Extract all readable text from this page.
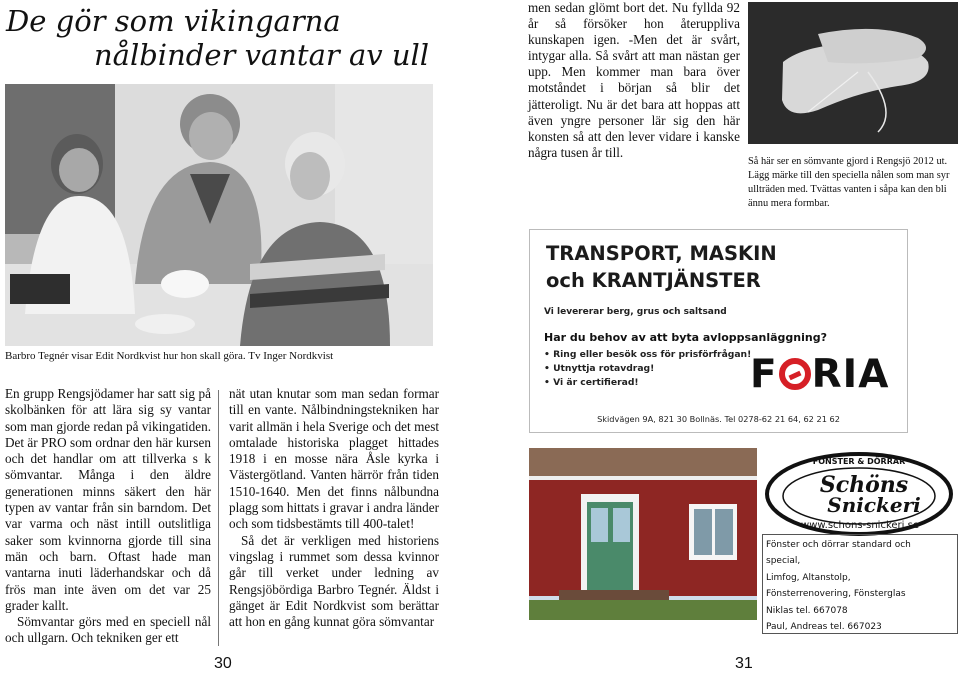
De gör som vikingarna
nålbinder vantar av ull
Barbro Tegnér visar Edit Nordkvist hur hon skall göra. Tv Inger Nordkvist

En grupp Rengsjödamer har satt sig på skolbänken för att lära sig sy vantar som man gjorde redan på vikingatiden. Det är PRO som ordnar den här kursen och det handlar om att tillverka s k sömvantar. Många i den äldre generationen minns säkert den här typen av vantar från sin barndom. Det var varma och näst intill outslitliga saker som kvinnorna gjorde till sina män och barn. Oftast hade man vantarna inuti läderhandskar och då frös man inte även om det var 25 grader kallt.

Sömvantar görs med en speciell nål och ullgarn. Och tekniken ger ett

nät utan knutar som man sedan formar till en vante. Nålbindningstekniken har varit allmän i hela Sverige och det mest omtalade historiska plagget hittades 1918 i en mosse nära Åsle kyrka i Västergötland. Vanten härrör från tiden 1510-1640. Men det finns nålbundna plagg som hittats i gravar i andra länder och som tidsbestämts till 400-talet!

Så det är verkligen med historiens vingslag i rummet som dessa kvinnor går till verket under ledning av Rengsjöbördiga Barbro Tegnér. Äldst i gänget är Edit Nordkvist som berättar att hon en gång kunnat göra sömvantar

men sedan glömt bort det. Nu fyllda 92 år så försöker hon återuppliva kunskapen igen. -Men det är svårt, intygar alla. Så svårt att man nästan ger upp. Men kommer man bara över motståndet i början så blir det jätteroligt. Nu är det bara att hoppas att även yngre personer lär sig den här konsten så att den lever vidare i kanske några tusen år till.

Så här ser en sömvante gjord i Rengsjö 2012 ut. Lägg märke till den speciella nålen som man syr ullträden med. Tvättas vanten i såpa kan den bli ännu mera formbar.
TRANSPORT, MASKIN
och KRANTJÄNSTER
Vi levererar berg, grus och saltsand
Har du behov av att byta avloppsanläggning?
• Ring eller besök oss för prisförfrågan!
• Utnyttja rotavdrag!
• Vi är certifierad!	F RIA
Skidvägen 9A, 821 30 Bollnäs. Tel 0278-62 21 64, 62 21 62
FÖNSTER & DÖRRAR
Schöns
Snickeri
www.schons-snickeri.se
Fönster och dörrar standard och
special,
Limfog, Altanstolp,
Fönsterrenovering, Fönsterglas
Niklas tel. 667078
Paul, Andreas tel. 667023
30	31
